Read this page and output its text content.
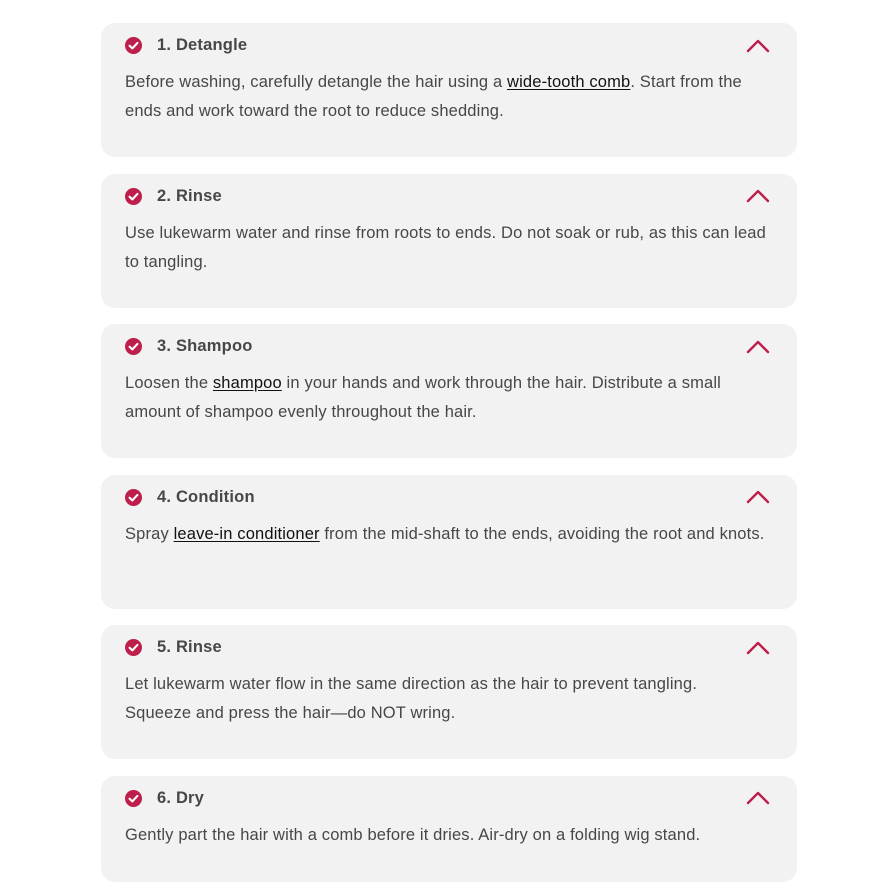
1. Detangle
Before washing, carefully detangle the hair using a wide-tooth comb. Start from the ends and work toward the root to reduce shedding.
2. Rinse
Use lukewarm water and rinse from roots to ends. Do not soak or rub, as this can lead to tangling.
3. Shampoo
Loosen the shampoo in your hands and work through the hair. Distribute a small amount of shampoo evenly throughout the hair.
4. Condition
Spray leave-in conditioner from the mid-shaft to the ends, avoiding the root and knots.
5. Rinse
Let lukewarm water flow in the same direction as the hair to prevent tangling. Squeeze and press the hair—do NOT wring.
6. Dry
Gently part the hair with a comb before it dries. Air-dry on a folding wig stand.
